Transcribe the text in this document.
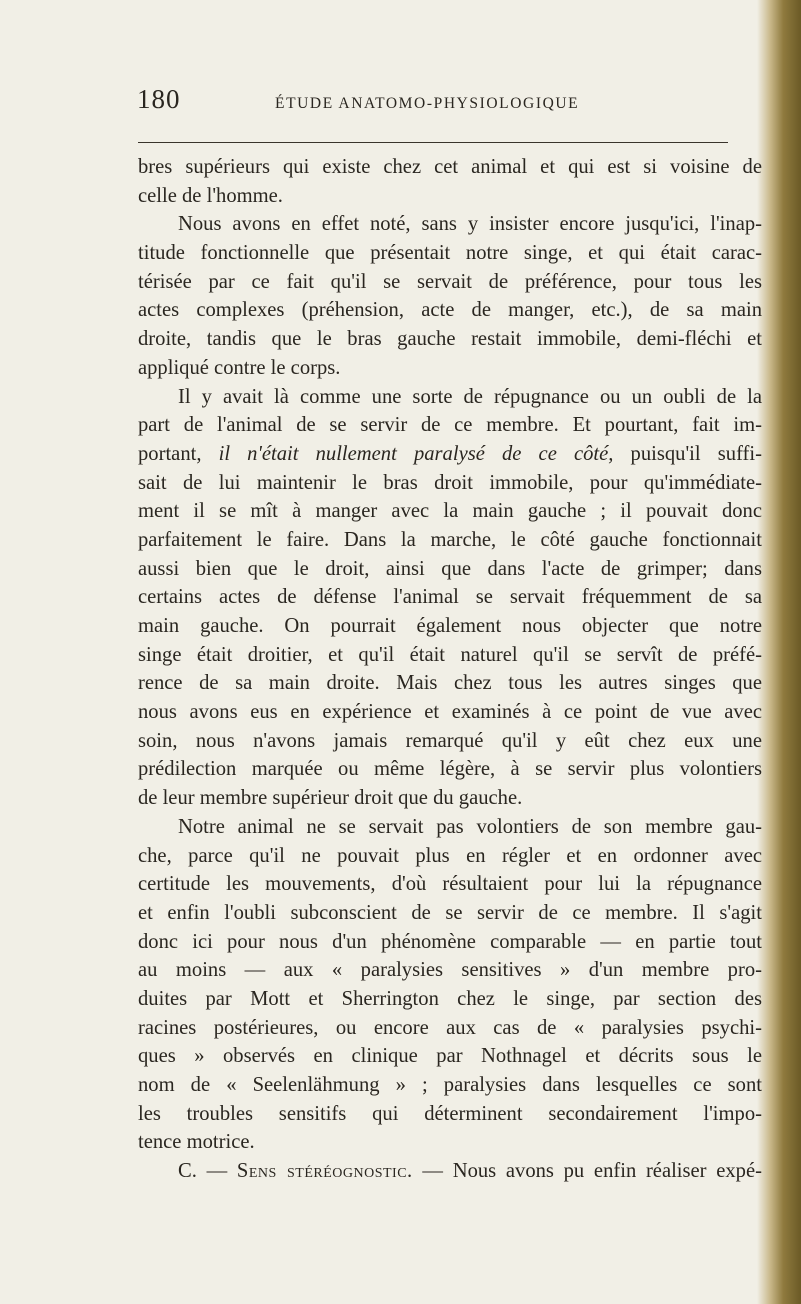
180	ÉTUDE ANATOMO-PHYSIOLOGIQUE
bres supérieurs qui existe chez cet animal et qui est si voisine de
celle de l'homme.
Nous avons en effet noté, sans y insister encore jusqu'ici, l'inap-
titude fonctionnelle que présentait notre singe, et qui était carac-
térisée par ce fait qu'il se servait de préférence, pour tous les
actes complexes (préhension, acte de manger, etc.), de sa main
droite, tandis que le bras gauche restait immobile, demi-fléchi et
appliqué contre le corps.
Il y avait là comme une sorte de répugnance ou un oubli de la
part de l'animal de se servir de ce membre. Et pourtant, fait im-
portant, il n'était nullement paralysé de ce côté, puisqu'il suffi-
sait de lui maintenir le bras droit immobile, pour qu'immédiate-
ment il se mît à manger avec la main gauche ; il pouvait donc
parfaitement le faire. Dans la marche, le côté gauche fonctionnait
aussi bien que le droit, ainsi que dans l'acte de grimper; dans
certains actes de défense l'animal se servait fréquemment de sa
main gauche. On pourrait également nous objecter que notre
singe était droitier, et qu'il était naturel qu'il se servît de préfé-
rence de sa main droite. Mais chez tous les autres singes que
nous avons eus en expérience et examinés à ce point de vue avec
soin, nous n'avons jamais remarqué qu'il y eût chez eux une
prédilection marquée ou même légère, à se servir plus volontiers
de leur membre supérieur droit que du gauche.
Notre animal ne se servait pas volontiers de son membre gau-
che, parce qu'il ne pouvait plus en régler et en ordonner avec
certitude les mouvements, d'où résultaient pour lui la répugnance
et enfin l'oubli subconscient de se servir de ce membre. Il s'agit
donc ici pour nous d'un phénomène comparable — en partie tout
au moins — aux « paralysies sensitives » d'un membre pro-
duites par Mott et Sherrington chez le singe, par section des
racines postérieures, ou encore aux cas de « paralysies psychi-
ques » observés en clinique par Nothnagel et décrits sous le
nom de « Seelenlähmung » ; paralysies dans lesquelles ce sont
les troubles sensitifs qui déterminent secondairement l'impo-
tence motrice.
C. — Sens stéréognostic. — Nous avons pu enfin réaliser expé-
